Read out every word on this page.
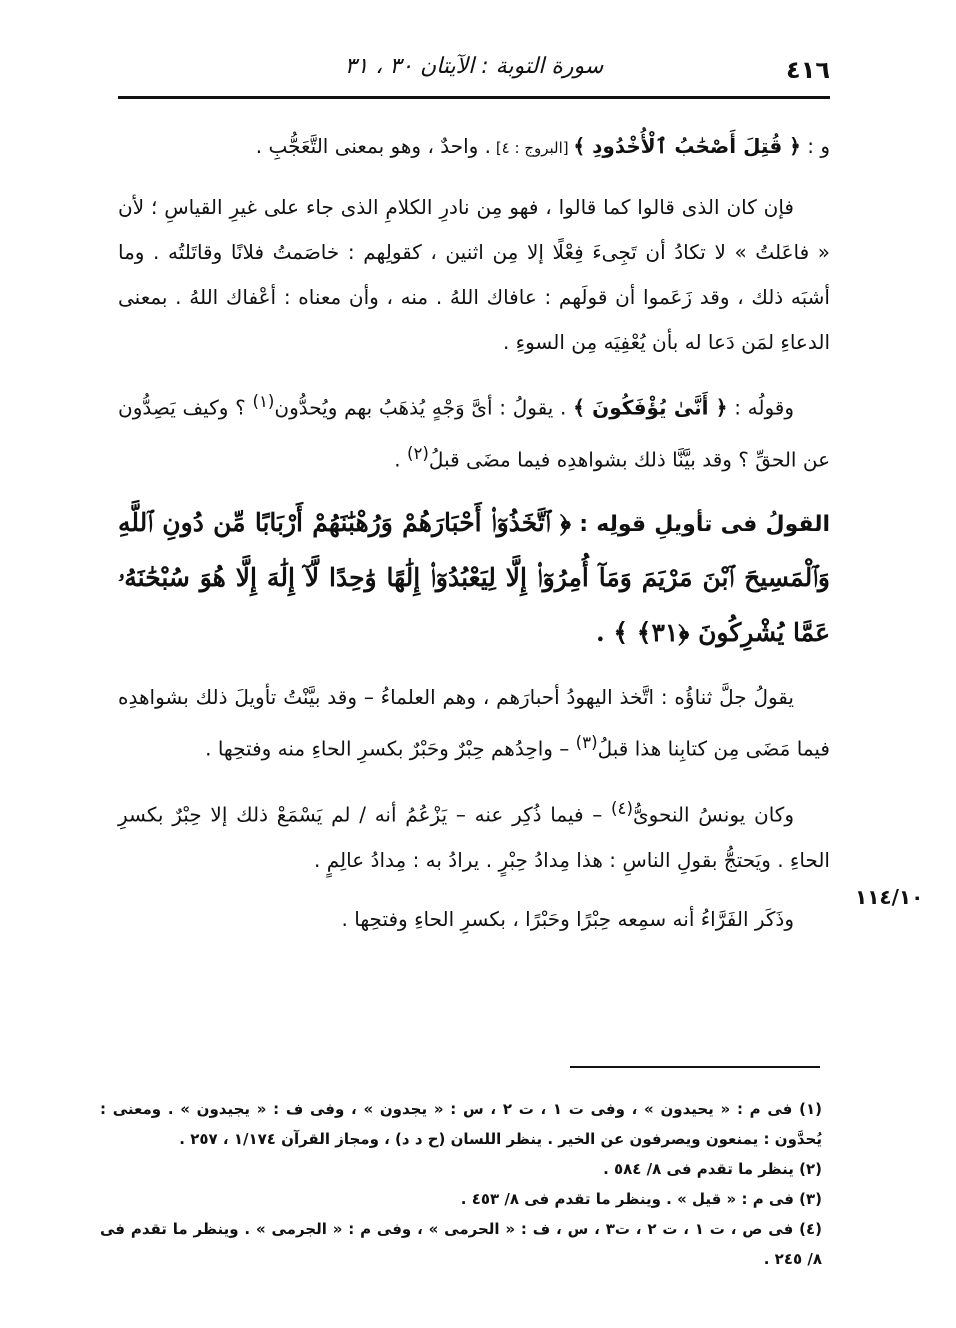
٤١٦
سورة التوبة : الآيتان ٣٠ ، ٣١
١١٤/١٠

و : ﴿ قُتِلَ أَصْحَٰبُ ٱلْأُخْدُودِ ﴾ [البروج : ٤] . واحدٌ ، وهو بمعنى التَّعَجُّبِ .

فإن كان الذى قالوا كما قالوا ، فهو مِن نادرِ الكلامِ الذى جاء على غيرِ القياسِ ؛ لأن « فاعَلتُ » لا تكادُ أن تَجِىءَ فِعْلًا إلا مِن اثنين ، كقولِهم : خاصَمتُ فلانًا وقاتَلتُه . وما أشبَه ذلك ، وقد زَعَموا أن قولَهم : عافاك اللهُ . منه ، وأن معناه : أعْفاك اللهُ . بمعنى الدعاءِ لمَن دَعا له بأن يُعْفِيَه مِن السوءِ .

وقولُه : ﴿ أَنَّىٰ يُؤْفَكُونَ ﴾ . يقولُ : أىَّ وَجْهٍ يُذهَبُ بهم ويُحدُّون$^{(١)}$ ؟ وكيف يَصِدُّون عن الحقِّ ؟ وقد بيَّنَّا ذلك بشواهدِه فيما مضَى قبلُ$^{(٢)}$ .

القولُ فى تأويلِ قولِه : ﴿ ٱتَّخَذُوٓا۟ أَحْبَارَهُمْ وَرُهْبَٰنَهُمْ أَرْبَابًا مِّن دُونِ ٱللَّهِ وَٱلْمَسِيحَ ٱبْنَ مَرْيَمَ وَمَآ أُمِرُوٓا۟ إِلَّا لِيَعْبُدُوٓا۟ إِلَٰهًا وَٰحِدًا لَّآ إِلَٰهَ إِلَّا هُوَ سُبْحَٰنَهُۥ عَمَّا يُشْرِكُونَ ﴿٣١﴾ ﴾ .

يقولُ جلَّ ثناؤُه : اتَّخذ اليهودُ أحبارَهم ، وهم العلماءُ – وقد بيَّنْتُ تأويلَ ذلك بشواهدِه فيما مَضَى مِن كتابِنا هذا قبلُ$^{(٣)}$ – واحِدُهم حِبْرٌ وحَبْرٌ بكسرِ الحاءِ منه وفتحِها .

وكان يونسُ النحوىُّ$^{(٤)}$ – فيما ذُكِر عنه – يَزْعُمُ أنه / لم يَسْمَعْ ذلك إلا حِبْرٌ بكسرِ الحاءِ . ويَحتجُّ بقولِ الناسِ : هذا مِدادُ حِبْرٍ . يرادُ به : مِدادُ عالِمٍ .

وذَكَر الفَرَّاءُ أنه سمِعه حِبْرًا وحَبْرًا ، بكسرِ الحاءِ وفتحِها .

(١) فى م : « يحيدون » ، وفى ت ١ ، ت ٢ ، س : « يجدون » ، وفى ف : « يجيدون » . ومعنى : يُحدَّون : يمنعون ويصرفون عن الخير . ينظر اللسان (ح د د) ، ومجاز القرآن ١/١٧٤ ، ٢٥٧ .

(٢) ينظر ما تقدم فى ٨/ ٥٨٤ .

(٣) فى م : « قيل » . وينظر ما تقدم فى ٨/ ٤٥٣ .

(٤) فى ص ، ت ١ ، ت ٢ ، ت٣ ، س ، ف : « الحرمى » ، وفى م : « الجرمى » . وينظر ما تقدم فى ٨/ ٢٤٥ .
